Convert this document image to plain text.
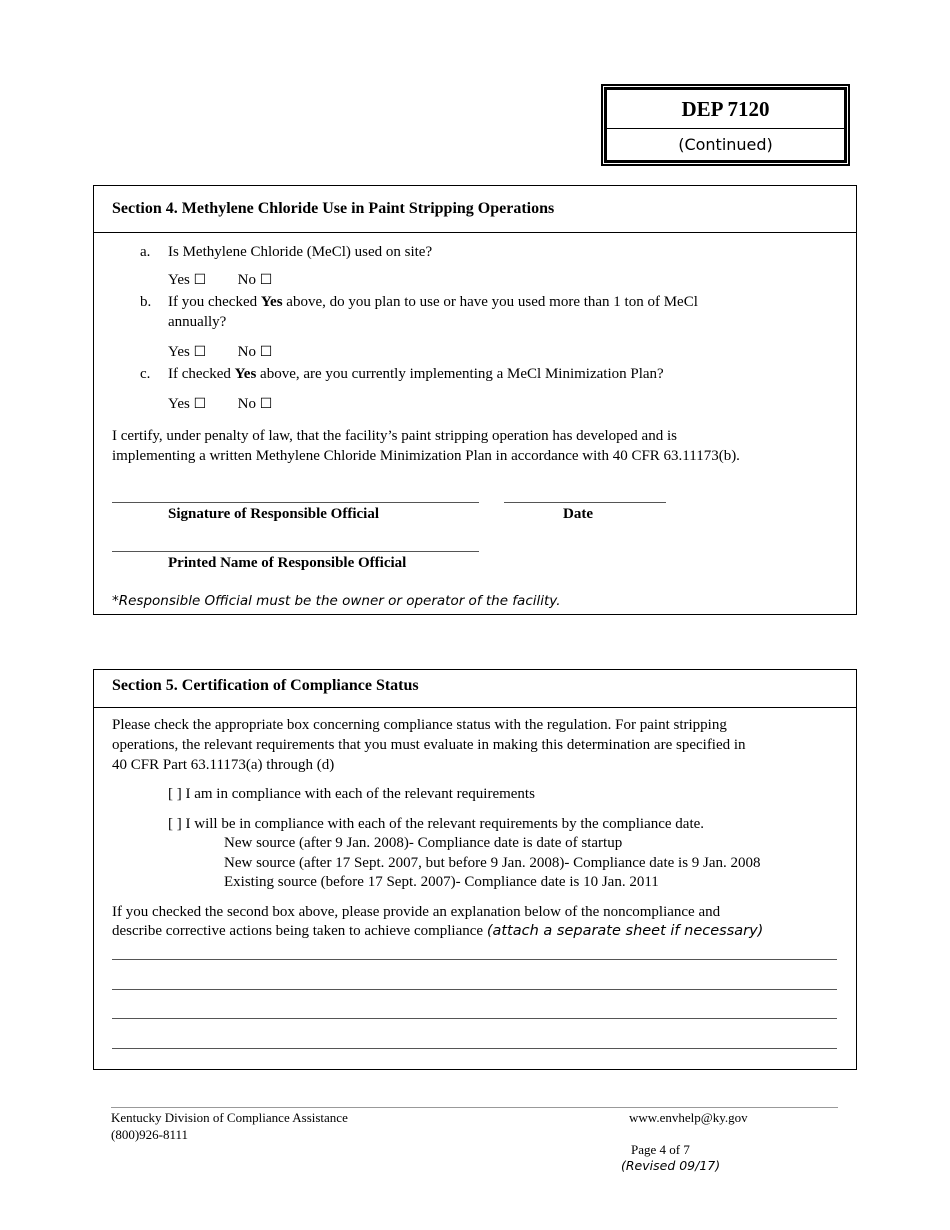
DEP 7120
(Continued)
Section 4. Methylene Chloride Use in Paint Stripping Operations
a. Is Methylene Chloride (MeCl) used on site?
Yes ☐ No ☐
b. If you checked Yes above, do you plan to use or have you used more than 1 ton of MeCl
annually?
Yes ☐ No ☐
c. If checked Yes above, are you currently implementing a MeCl Minimization Plan?
Yes ☐ No ☐
I certify, under penalty of law, that the facility’s paint stripping operation has developed and is
implementing a written Methylene Chloride Minimization Plan in accordance with 40 CFR 63.11173(b).
Signature of Responsible Official	Date
Printed Name of Responsible Official
*Responsible Official must be the owner or operator of the facility.
Section 5. Certification of Compliance Status
Please check the appropriate box concerning compliance status with the regulation. For paint stripping
operations, the relevant requirements that you must evaluate in making this determination are specified in
40 CFR Part 63.11173(a) through (d)
[ ] I am in compliance with each of the relevant requirements
[ ] I will be in compliance with each of the relevant requirements by the compliance date.
New source (after 9 Jan. 2008)- Compliance date is date of startup
New source (after 17 Sept. 2007, but before 9 Jan. 2008)- Compliance date is 9 Jan. 2008
Existing source (before 17 Sept. 2007)- Compliance date is 10 Jan. 2011
If you checked the second box above, please provide an explanation below of the noncompliance and
describe corrective actions being taken to achieve compliance (attach a separate sheet if necessary)
Kentucky Division of Compliance Assistance
(800)926-8111
www.envhelp@ky.gov
Page 4 of 7
(Revised 09/17)
